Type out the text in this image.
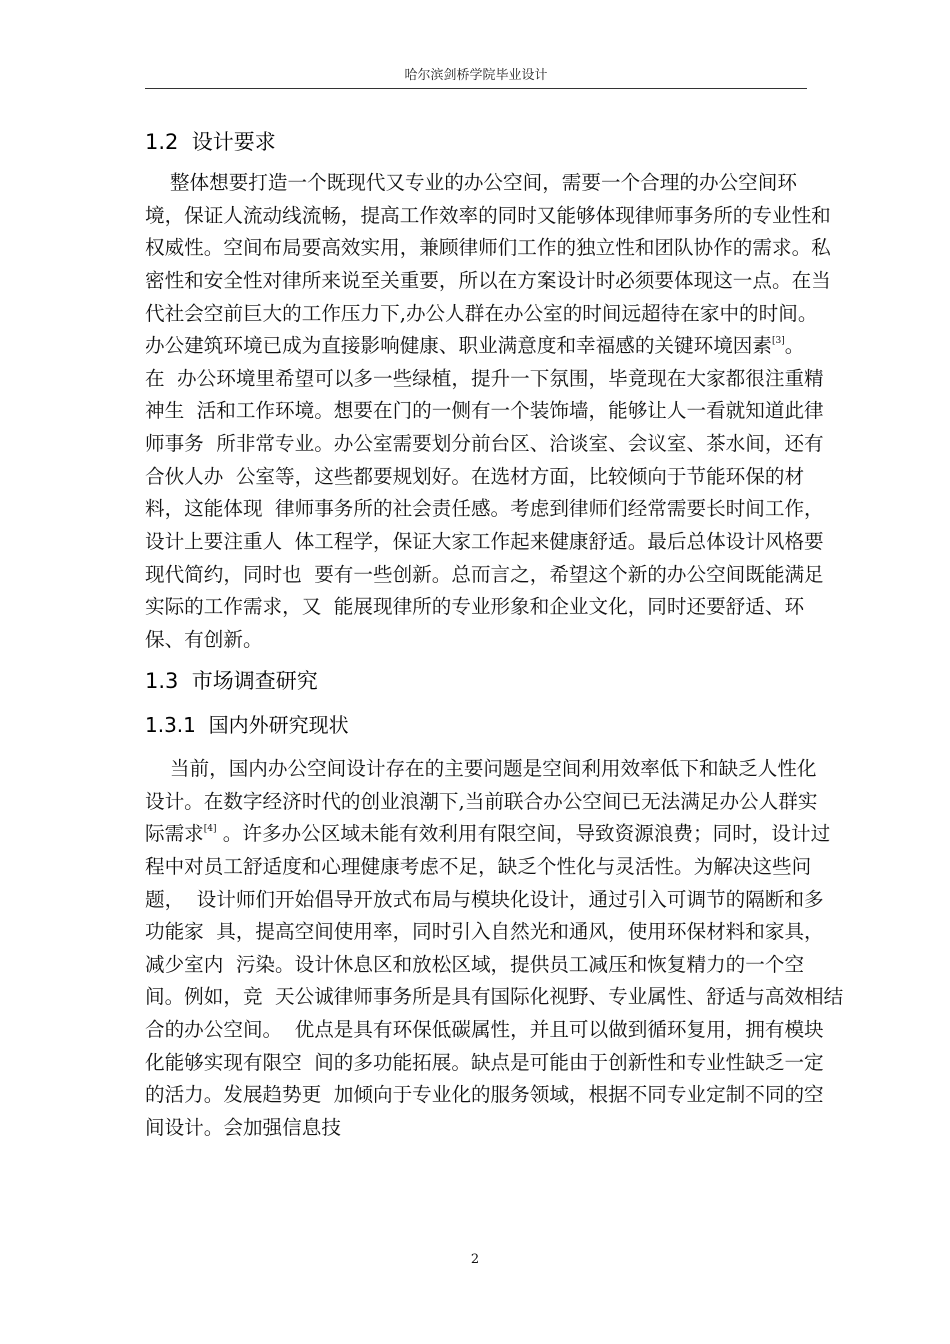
哈尔滨剑桥学院毕业设计
1.2  设计要求
整体想要打造一个既现代又专业的办公空间，需要一个合理的办公空间环
境，保证人流动线流畅，提高工作效率的同时又能够体现律师事务所的专业性和
权威性。空间布局要高效实用，兼顾律师们工作的独立性和团队协作的需求。私
密性和安全性对律所来说至关重要，所以在方案设计时必须要体现这一点。在当
代社会空前巨大的工作压力下,办公人群在办公室的时间远超待在家中的时间。
办公建筑环境已成为直接影响健康、职业满意度和幸福感的关键环境因素[3]。
在  办公环境里希望可以多一些绿植，提升一下氛围，毕竟现在大家都很注重精
神生  活和工作环境。想要在门的一侧有一个装饰墙，能够让人一看就知道此律
师事务  所非常专业。办公室需要划分前台区、洽谈室、会议室、茶水间，还有
合伙人办  公室等，这些都要规划好。在选材方面，比较倾向于节能环保的材
料，这能体现  律师事务所的社会责任感。考虑到律师们经常需要长时间工作，
设计上要注重人  体工程学，保证大家工作起来健康舒适。最后总体设计风格要
现代简约，同时也  要有一些创新。总而言之，希望这个新的办公空间既能满足
实际的工作需求，又  能展现律所的专业形象和企业文化，同时还要舒适、环
保、有创新。
1.3  市场调查研究
1.3.1  国内外研究现状
当前，国内办公空间设计存在的主要问题是空间利用效率低下和缺乏人性化
设计。在数字经济时代的创业浪潮下,当前联合办公空间已无法满足办公人群实
际需求[4] 。许多办公区域未能有效利用有限空间，导致资源浪费；同时，设计过
程中对员工舒适度和心理健康考虑不足，缺乏个性化与灵活性。为解决这些问
题，  设计师们开始倡导开放式布局与模块化设计，通过引入可调节的隔断和多
功能家  具，提高空间使用率，同时引入自然光和通风，使用环保材料和家具，
减少室内  污染。设计休息区和放松区域，提供员工减压和恢复精力的一个空
间。例如，竞  天公诚律师事务所是具有国际化视野、专业属性、舒适与高效相结
合的办公空间。  优点是具有环保低碳属性，并且可以做到循环复用，拥有模块
化能够实现有限空  间的多功能拓展。缺点是可能由于创新性和专业性缺乏一定
的活力。发展趋势更  加倾向于专业化的服务领域，根据不同专业定制不同的空
间设计。会加强信息技
2
